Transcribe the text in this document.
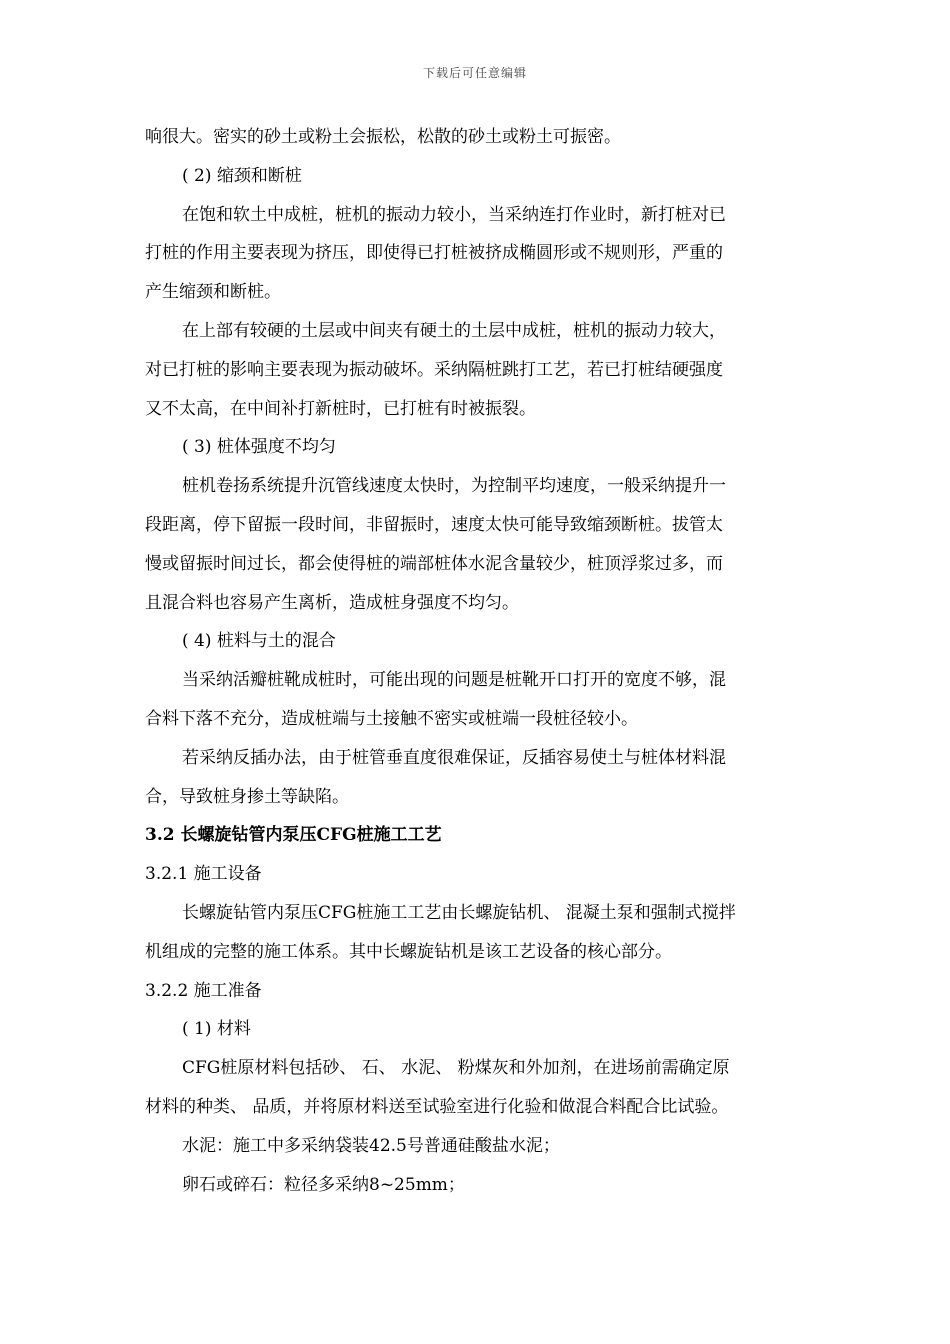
下载后可任意编辑
响很大。密实的砂土或粉土会振松，松散的砂土或粉土可振密。
( 2) 缩颈和断桩
在饱和软土中成桩，桩机的振动力较小，当采纳连打作业时，新打桩对已
打桩的作用主要表现为挤压，即使得已打桩被挤成椭圆形或不规则形，严重的
产生缩颈和断桩。
在上部有较硬的土层或中间夹有硬土的土层中成桩，桩机的振动力较大，
对已打桩的影响主要表现为振动破坏。采纳隔桩跳打工艺，若已打桩结硬强度
又不太高，在中间补打新桩时，已打桩有时被振裂。
( 3) 桩体强度不均匀
桩机卷扬系统提升沉管线速度太快时，为控制平均速度，一般采纳提升一
段距离，停下留振一段时间，非留振时，速度太快可能导致缩颈断桩。拔管太
慢或留振时间过长，都会使得桩的端部桩体水泥含量较少，桩顶浮浆过多，而
且混合料也容易产生离析，造成桩身强度不均匀。
( 4) 桩料与土的混合
当采纳活瓣桩靴成桩时，可能出现的问题是桩靴开口打开的宽度不够，混
合料下落不充分，造成桩端与土接触不密实或桩端一段桩径较小。
若采纳反插办法，由于桩管垂直度很难保证，反插容易使土与桩体材料混
合，导致桩身掺土等缺陷。
3.2 长螺旋钻管内泵压CFG桩施工工艺
3.2.1 施工设备
长螺旋钻管内泵压CFG桩施工工艺由长螺旋钻机、 混凝土泵和强制式搅拌
机组成的完整的施工体系。其中长螺旋钻机是该工艺设备的核心部分。
3.2.2 施工准备
( 1) 材料
CFG桩原材料包括砂、 石、 水泥、 粉煤灰和外加剂，在进场前需确定原
材料的种类、 品质，并将原材料送至试验室进行化验和做混合料配合比试验。
水泥：施工中多采纳袋装42.5号普通硅酸盐水泥；
卵石或碎石：粒径多采纳8~25mm；
